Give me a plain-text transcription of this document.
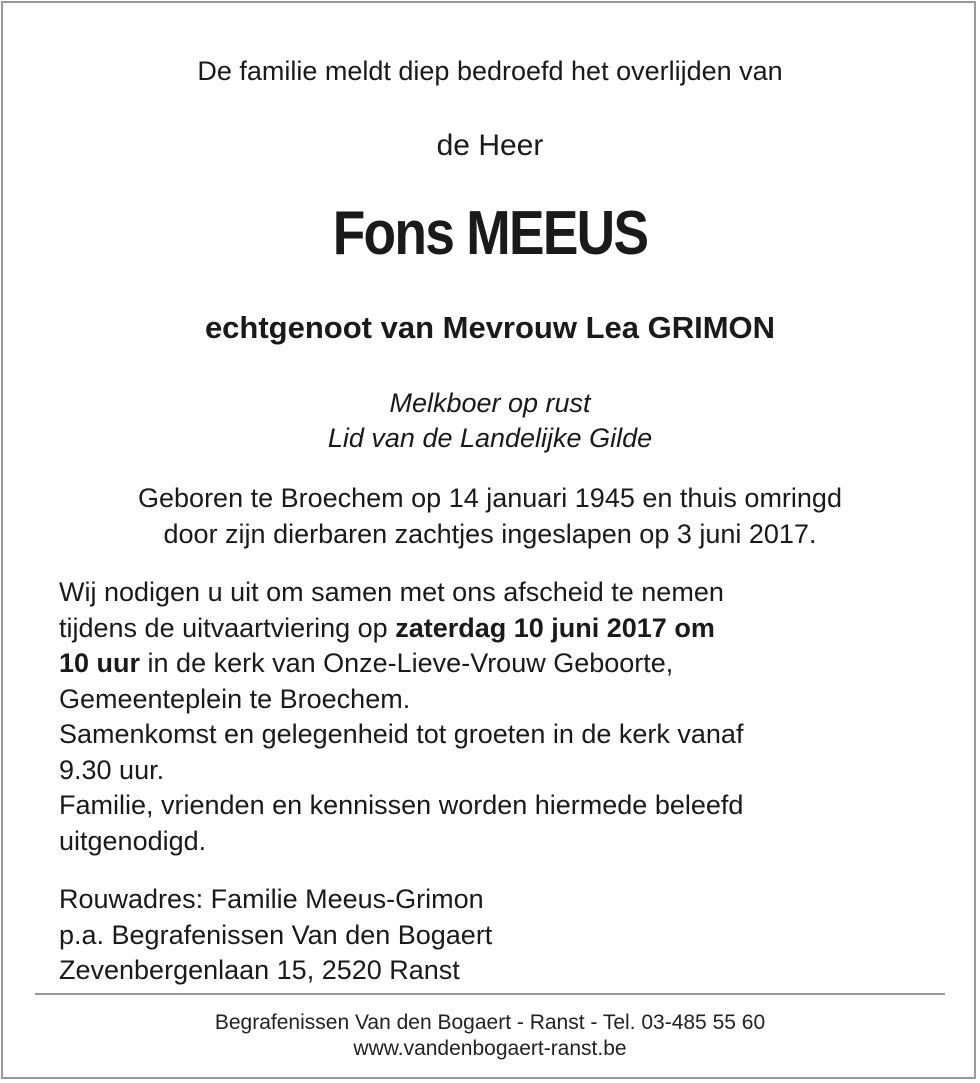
De familie meldt diep bedroefd het overlijden van
de Heer
Fons MEEUS
echtgenoot van Mevrouw Lea GRIMON
Melkboer op rust
Lid van de Landelijke Gilde
Geboren te Broechem op 14 januari 1945 en thuis omringd
door zijn dierbaren zachtjes ingeslapen op 3 juni 2017.
Wij nodigen u uit om samen met ons afscheid te nemen
tijdens de uitvaartviering op zaterdag 10 juni 2017 om
10 uur in de kerk van Onze-Lieve-Vrouw Geboorte,
Gemeenteplein te Broechem.
Samenkomst en gelegenheid tot groeten in de kerk vanaf
9.30 uur.
Familie, vrienden en kennissen worden hiermede beleefd
uitgenodigd.
Rouwadres: Familie Meeus-Grimon
p.a. Begrafenissen Van den Bogaert
Zevenbergenlaan 15, 2520 Ranst
Begrafenissen Van den Bogaert - Ranst - Tel. 03-485 55 60
www.vandenbogaert-ranst.be
